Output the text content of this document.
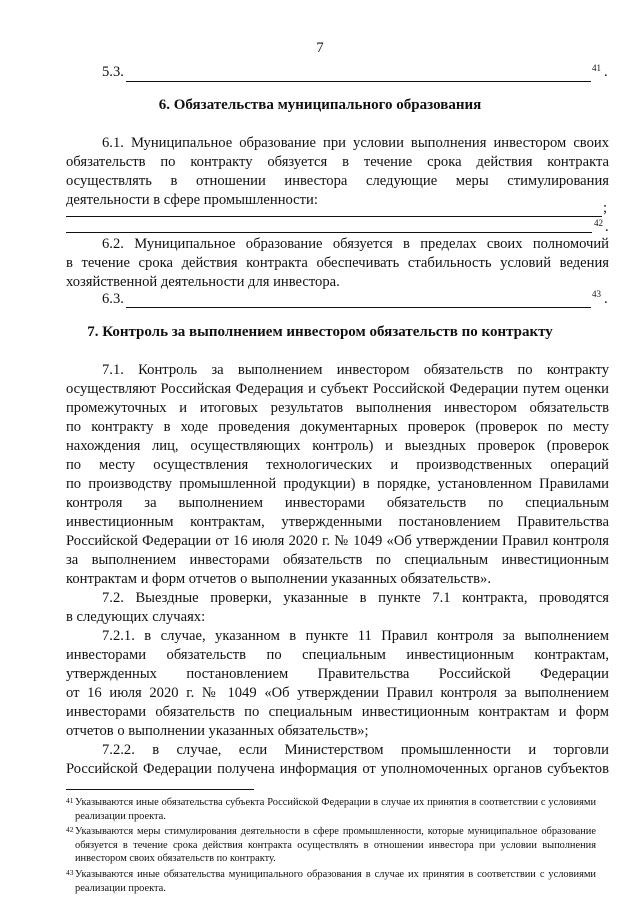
7
5.3.	41 .
6. Обязательства муниципального образования
6.1. Муниципальное образование при условии выполнения инвестором своих
обязательств по контракту обязуется в течение срока действия контракта
осуществлять в отношении инвестора следующие меры стимулирования
деятельности в сфере промышленности:	;
42 .
6.2. Муниципальное образование обязуется в пределах своих полномочий
в течение срока действия контракта обеспечивать стабильность условий ведения
хозяйственной деятельности для инвестора.
6.3.	43 .
7. Контроль за выполнением инвестором обязательств по контракту
7.1. Контроль за выполнением инвестором обязательств по контракту
осуществляют Российская Федерация и субъект Российской Федерации путем оценки
промежуточных и итоговых результатов выполнения инвестором обязательств
по контракту в ходе проведения документарных проверок (проверок по месту
нахождения лиц, осуществляющих контроль) и выездных проверок (проверок
по месту осуществления технологических и производственных операций
по производству промышленной продукции) в порядке, установленном Правилами
контроля за выполнением инвесторами обязательств по специальным
инвестиционным контрактам, утвержденными постановлением Правительства
Российской Федерации от 16 июля 2020 г. № 1049 «Об утверждении Правил контроля
за выполнением инвесторами обязательств по специальным инвестиционным
контрактам и форм отчетов о выполнении указанных обязательств».
7.2. Выездные проверки, указанные в пункте 7.1 контракта, проводятся
в следующих случаях:
7.2.1. в случае, указанном в пункте 11 Правил контроля за выполнением
инвесторами обязательств по специальным инвестиционным контрактам,
утвержденных постановлением Правительства Российской Федерации
от 16 июля 2020 г. № 1049 «Об утверждении Правил контроля за выполнением
инвесторами обязательств по специальным инвестиционным контрактам и форм
отчетов о выполнении указанных обязательств»;
7.2.2. в случае, если Министерством промышленности и торговли
Российской Федерации получена информация от уполномоченных органов субъектов
41 Указываются иные обязательства субъекта Российской Федерации в случае их принятия в соответствии с условиями реализации проекта.
42 Указываются меры стимулирования деятельности в сфере промышленности, которые муниципальное образование обязуется в течение срока действия контракта осуществлять в отношении инвестора при условии выполнения инвестором своих обязательств по контракту.
43 Указываются иные обязательства муниципального образования в случае их принятия в соответствии с условиями реализации проекта.
